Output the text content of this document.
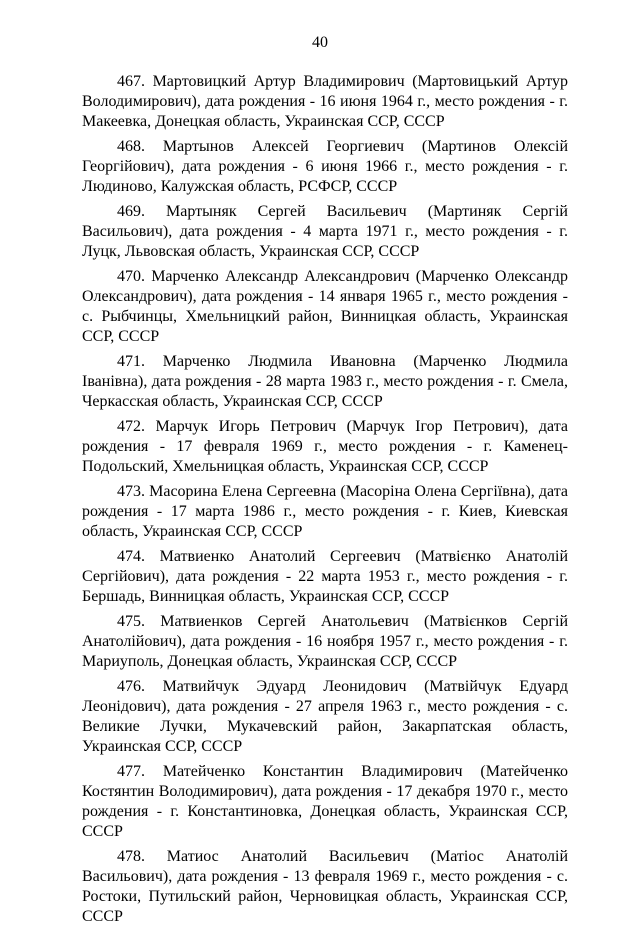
40

467. Мартовицкий Артур Владимирович (Мартовицький Артур Володимирович), дата рождения - 16 июня 1964 г., место рождения - г. Макеевка, Донецкая область, Украинская ССР, СССР

468. Мартынов Алексей Георгиевич (Мартинов Олексій Георгійович), дата рождения - 6 июня 1966 г., место рождения - г. Людиново, Калужская область, РСФСР, СССР

469. Мартыняк Сергей Васильевич (Мартиняк Сергій Васильович), дата рождения - 4 марта 1971 г., место рождения - г. Луцк, Львовская область, Украинская ССР, СССР

470. Марченко Александр Александрович (Марченко Олександр Олександрович), дата рождения - 14 января 1965 г., место рождения - с. Рыбчинцы, Хмельницкий район, Винницкая область, Украинская ССР, СССР

471. Марченко Людмила Ивановна (Марченко Людмила Іванівна), дата рождения - 28 марта 1983 г., место рождения - г. Смела, Черкасская область, Украинская ССР, СССР

472. Марчук Игорь Петрович (Марчук Ігор Петрович), дата рождения - 17 февраля 1969 г., место рождения - г. Каменец-Подольский, Хмельницкая область, Украинская ССР, СССР

473. Масорина Елена Сергеевна (Масоріна Олена Сергіївна), дата рождения - 17 марта 1986 г., место рождения - г. Киев, Киевская область, Украинская ССР, СССР

474. Матвиенко Анатолий Сергеевич (Матвієнко Анатолій Сергійович), дата рождения - 22 марта 1953 г., место рождения - г. Бершадь, Винницкая область, Украинская ССР, СССР

475. Матвиенков Сергей Анатольевич (Матвієнков Сергій Анатолійович), дата рождения - 16 ноября 1957 г., место рождения - г. Мариуполь, Донецкая область, Украинская ССР, СССР

476. Матвийчук Эдуард Леонидович (Матвійчук Едуард Леонідович), дата рождения - 27 апреля 1963 г., место рождения - с. Великие Лучки, Мукачевский район, Закарпатская область, Украинская ССР, СССР

477. Матейченко Константин Владимирович (Матейченко Костянтин Володимирович), дата рождения - 17 декабря 1970 г., место рождения - г. Константиновка, Донецкая область, Украинская ССР, СССР

478. Матиос Анатолий Васильевич (Матіос Анатолій Васильович), дата рождения - 13 февраля 1969 г., место рождения - с. Ростоки, Путильский район, Черновицкая область, Украинская ССР, СССР
